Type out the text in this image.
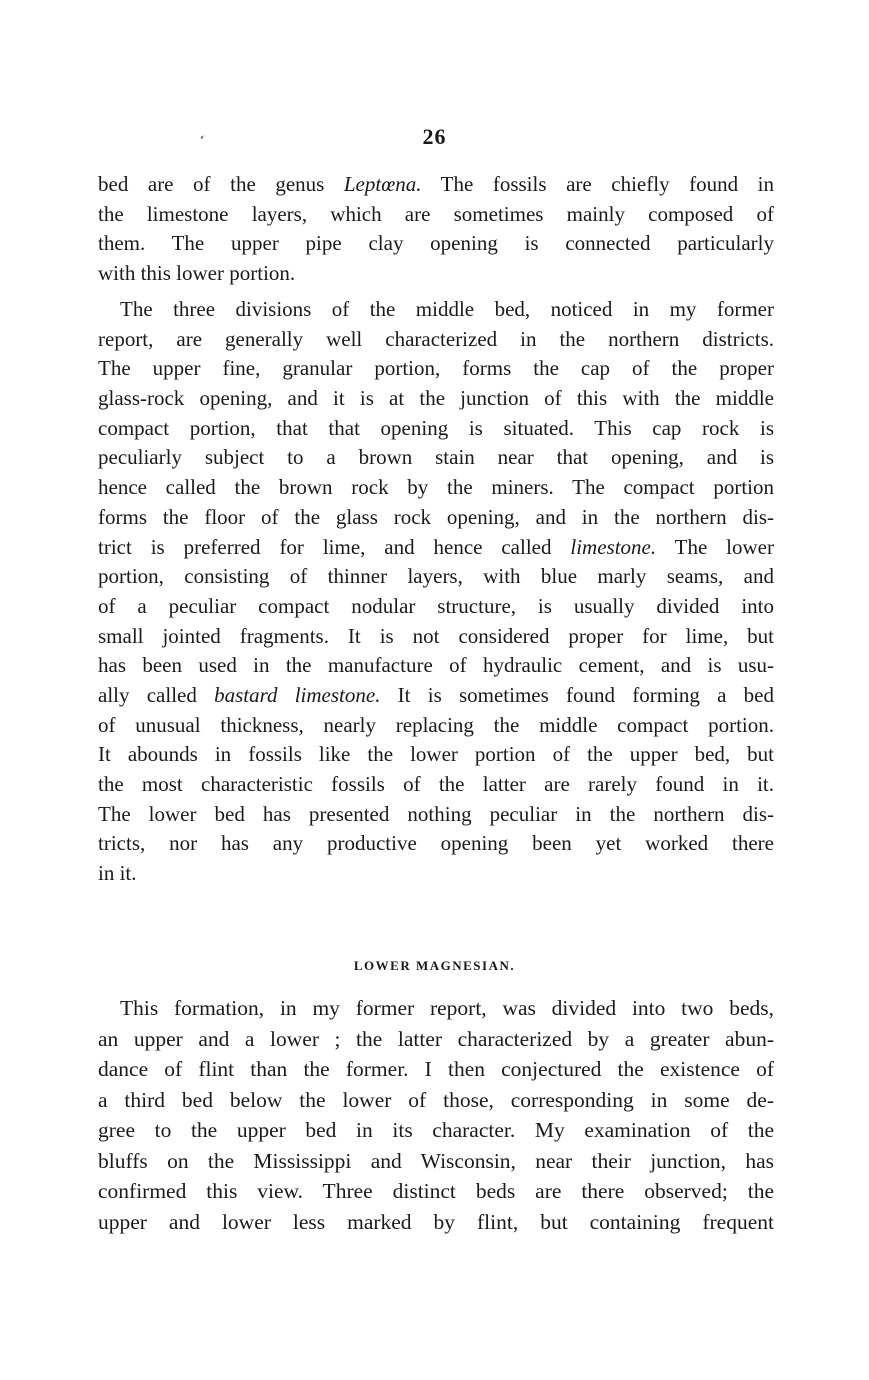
‘	26
bed are of the genus Leptœna. The fossils are chiefly found in
the limestone layers, which are sometimes mainly composed of
them. The upper pipe clay opening is connected particularly
with this lower portion.
The three divisions of the middle bed, noticed in my former
report, are generally well characterized in the northern districts.
The upper fine, granular portion, forms the cap of the proper
glass-rock opening, and it is at the junction of this with the middle
compact portion, that that opening is situated. This cap rock is
peculiarly subject to a brown stain near that opening, and is
hence called the brown rock by the miners. The compact portion
forms the floor of the glass rock opening, and in the northern dis-
trict is preferred for lime, and hence called limestone. The lower
portion, consisting of thinner layers, with blue marly seams, and
of a peculiar compact nodular structure, is usually divided into
small jointed fragments. It is not considered proper for lime, but
has been used in the manufacture of hydraulic cement, and is usu-
ally called bastard limestone. It is sometimes found forming a bed
of unusual thickness, nearly replacing the middle compact portion.
It abounds in fossils like the lower portion of the upper bed, but
the most characteristic fossils of the latter are rarely found in it.
The lower bed has presented nothing peculiar in the northern dis-
tricts, nor has any productive opening been yet worked there
in it.
LOWER MAGNESIAN.
This formation, in my former report, was divided into two beds,
an upper and a lower ; the latter characterized by a greater abun-
dance of flint than the former. I then conjectured the existence of
a third bed below the lower of those, corresponding in some de-
gree to the upper bed in its character. My examination of the
bluffs on the Mississippi and Wisconsin, near their junction, has
confirmed this view. Three distinct beds are there observed; the
upper and lower less marked by flint, but containing frequent
